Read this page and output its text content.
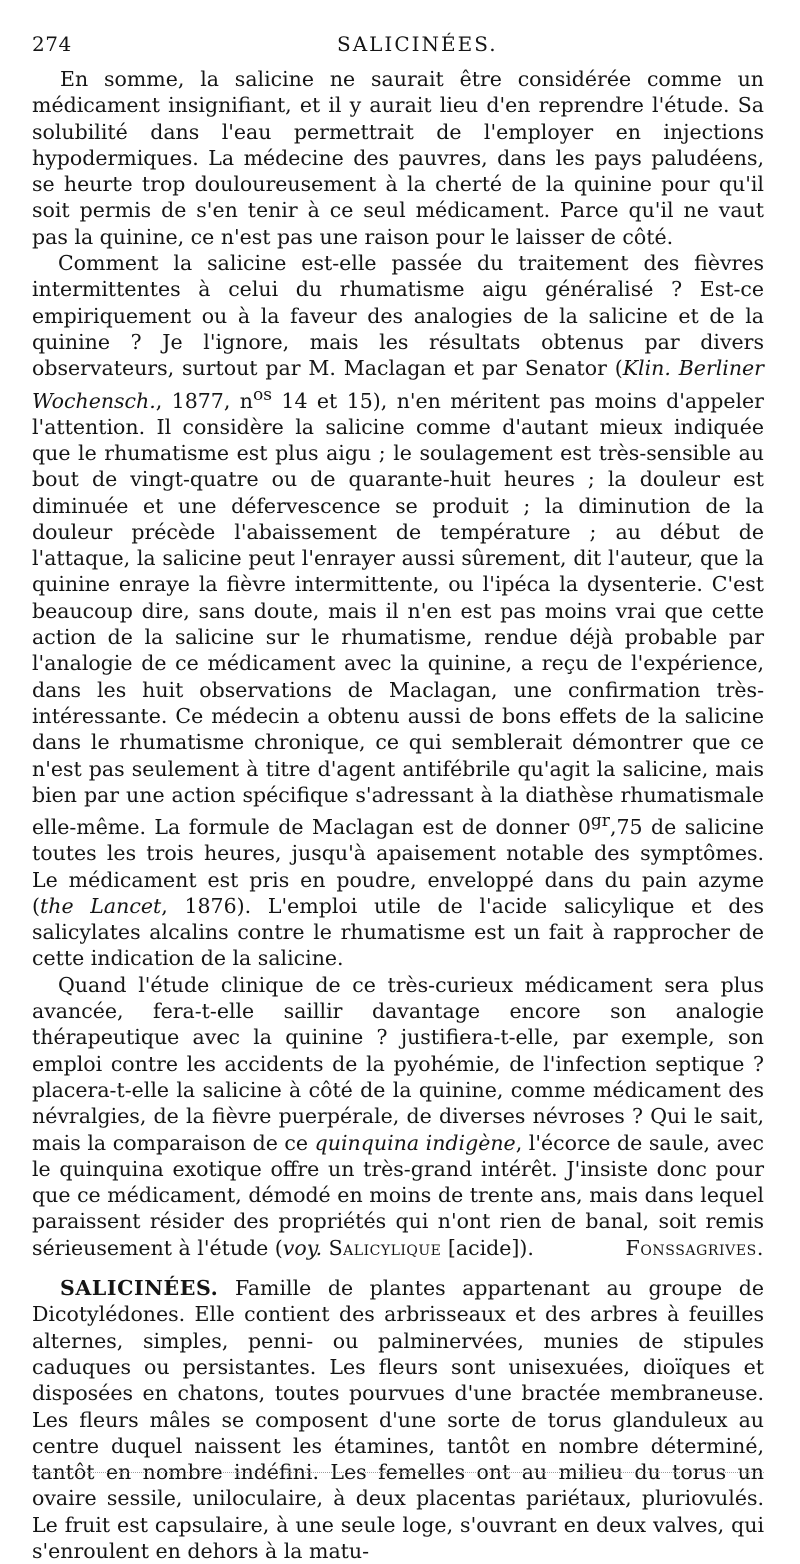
274	SALICINÉES.

En somme, la salicine ne saurait être considérée comme un médicament insignifiant, et il y aurait lieu d'en reprendre l'étude. Sa solubilité dans l'eau permettrait de l'employer en injections hypodermiques. La médecine des pauvres, dans les pays paludéens, se heurte trop douloureusement à la cherté de la quinine pour qu'il soit permis de s'en tenir à ce seul médicament. Parce qu'il ne vaut pas la quinine, ce n'est pas une raison pour le laisser de côté.

Comment la salicine est-elle passée du traitement des fièvres intermittentes à celui du rhumatisme aigu généralisé ? Est-ce empiriquement ou à la faveur des analogies de la salicine et de la quinine ? Je l'ignore, mais les résultats obtenus par divers observateurs, surtout par M. Maclagan et par Senator (Klin. Berliner Wochensch., 1877, $n^{os}$ 14 et 15), n'en méritent pas moins d'appeler l'attention. Il considère la salicine comme d'autant mieux indiquée que le rhumatisme est plus aigu ; le soulagement est très-sensible au bout de vingt-quatre ou de quarante-huit heures ; la douleur est diminuée et une défervescence se produit ; la diminution de la douleur précède l'abaissement de température ; au début de l'attaque, la salicine peut l'enrayer aussi sûrement, dit l'auteur, que la quinine enraye la fièvre intermittente, ou l'ipéca la dysenterie. C'est beaucoup dire, sans doute, mais il n'en est pas moins vrai que cette action de la salicine sur le rhumatisme, rendue déjà probable par l'analogie de ce médicament avec la quinine, a reçu de l'expérience, dans les huit observations de Maclagan, une confirmation très-intéressante. Ce médecin a obtenu aussi de bons effets de la salicine dans le rhumatisme chronique, ce qui semblerait démontrer que ce n'est pas seulement à titre d'agent antifébrile qu'agit la salicine, mais bien par une action spécifique s'adressant à la diathèse rhumatismale elle-même. La formule de Maclagan est de donner $0^{gr},75$ de salicine toutes les trois heures, jusqu'à apaisement notable des symptômes. Le médicament est pris en poudre, enveloppé dans du pain azyme (the Lancet, 1876). L'emploi utile de l'acide salicylique et des salicylates alcalins contre le rhumatisme est un fait à rapprocher de cette indication de la salicine.

Quand l'étude clinique de ce très-curieux médicament sera plus avancée, fera-t-elle saillir davantage encore son analogie thérapeutique avec la quinine ? justifiera-t-elle, par exemple, son emploi contre les accidents de la pyohémie, de l'infection septique ? placera-t-elle la salicine à côté de la quinine, comme médicament des névralgies, de la fièvre puerpérale, de diverses névroses ? Qui le sait, mais la comparaison de ce quinquina indigène, l'écorce de saule, avec le quinquina exotique offre un très-grand intérêt. J'insiste donc pour que ce médicament, démodé en moins de trente ans, mais dans lequel paraissent résider des propriétés qui n'ont rien de banal, soit remis sérieusement à l'étude (voy. Salicylique [acide]).	Fonssagrives.

SALICINÉES. Famille de plantes appartenant au groupe de Dicotylédones. Elle contient des arbrisseaux et des arbres à feuilles alternes, simples, penni- ou palminervées, munies de stipules caduques ou persistantes. Les fleurs sont unisexuées, dioïques et disposées en chatons, toutes pourvues d'une bractée membraneuse. Les fleurs mâles se composent d'une sorte de torus glanduleux au centre duquel naissent les étamines, tantôt en nombre déterminé, tantôt en nombre indéfini. Les femelles ont au milieu du torus un ovaire sessile, uniloculaire, à deux placentas pariétaux, pluriovulés. Le fruit est capsulaire, à une seule loge, s'ouvrant en deux valves, qui s'enroulent en dehors à la matu-
